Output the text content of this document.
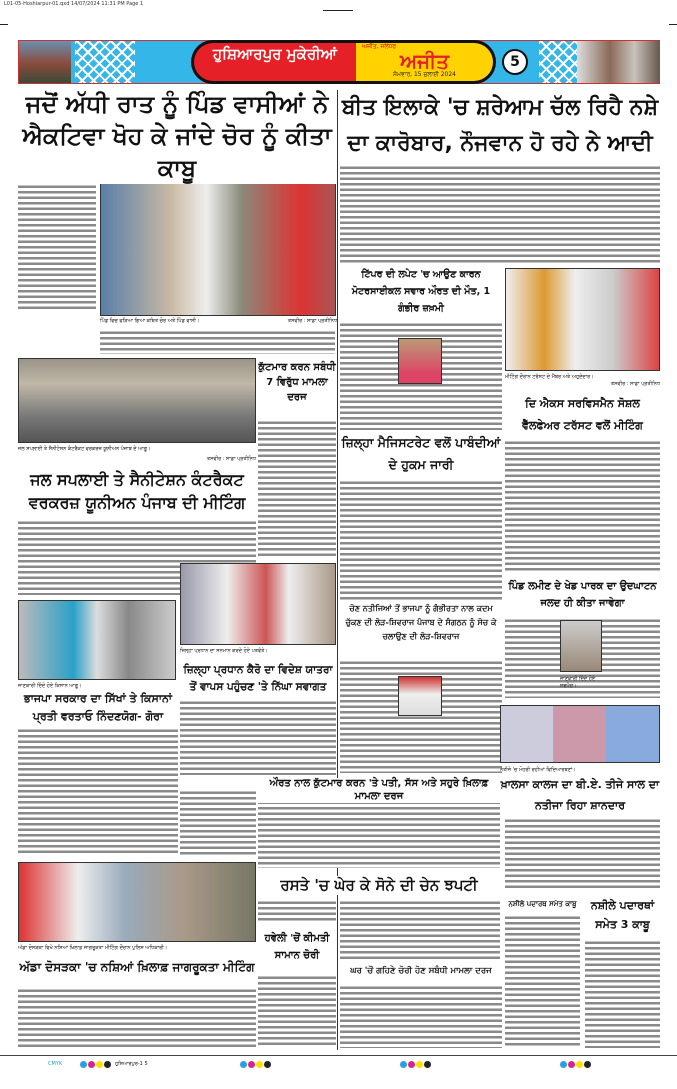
L01-05-Hoshiarpur-01.qxd 14/07/2024 11:31 PM Page 1
ਹੁਸ਼ਿਆਰਪੁਰ ਮੁਕੇਰੀਆਂ	ਅਜੀਤ, ਜਲੰਧਰ
ਅਜੀਤ
ਸੋਮਵਾਰ, 15 ਜੁਲਾਈ 2024
5
ਜਦੋਂ ਅੱਧੀ ਰਾਤ ਨੂੰ ਪਿੰਡ ਵਾਸੀਆਂ ਨੇ ਐਕਟਿਵਾ ਖੋਹ ਕੇ ਜਾਂਦੇ ਚੋਰ ਨੂੰ ਕੀਤਾ ਕਾਬੂ
ਪਿੰਡ ਵਿਚ ਫੜਿਆ ਗਿਆ ਕਥਿਤ ਚੋਰ ਅਤੇ ਪਿੰਡ ਵਾਸੀ।	ਤਸਵੀਰ : ਸਾਡਾ ਪ੍ਰਤੀਨਿਧ
ਜਲ ਸਪਲਾਈ ਤੇ ਸੈਨੀਟੇਸ਼ਨ ਕੰਟਰੈਕਟ ਵਰਕਰਜ਼ ਯੂਨੀਅਨ ਪੰਜਾਬ ਦੇ ਆਗੂ।
ਤਸਵੀਰ : ਸਾਡਾ ਪ੍ਰਤੀਨਿਧ
ਜਲ ਸਪਲਾਈ ਤੇ ਸੈਨੀਟੇਸ਼ਨ ਕੰਟਰੈਕਟ ਵਰਕਰਜ਼ ਯੂਨੀਅਨ ਪੰਜਾਬ ਦੀ ਮੀਟਿੰਗ
ਕੁੱਟਮਾਰ ਕਰਨ ਸਬੰਧੀ 7 ਵਿਰੁੱਧ ਮਾਮਲਾ ਦਰਜ
ਜਾਣਕਾਰੀ ਦਿੰਦੇ ਹੋਏ ਕਿਸਾਨ ਆਗੂ।
ਭਾਜਪਾ ਸਰਕਾਰ ਦਾ ਸਿੱਖਾਂ ਤੇ ਕਿਸਾਨਾਂ ਪ੍ਰਤੀ ਵਰਤਾਓ ਨਿੰਦਣਯੋਗ- ਗੋਰਾ
ਜ਼ਿਲ੍ਹਾ ਪ੍ਰਧਾਨ ਦਾ ਸਨਮਾਨ ਕਰਦੇ ਹੋਏ ਪਤਵੰਤੇ।
ਜ਼ਿਲ੍ਹਾ ਪ੍ਰਧਾਨ ਕੈਰੋ ਦਾ ਵਿਦੇਸ਼ ਯਾਤਰਾ ਤੋਂ ਵਾਪਸ ਪਹੁੰਚਣ 'ਤੇ ਨਿੱਘਾ ਸਵਾਗਤ
ਔਰਤ ਨਾਲ ਕੁੱਟਮਾਰ ਕਰਨ 'ਤੇ ਪਤੀ, ਸੱਸ ਅਤੇ ਸਹੁਰੇ ਖ਼ਿਲਾਫ਼ ਮਾਮਲਾ ਦਰਜ
ਰਸਤੇ 'ਚ ਘੇਰ ਕੇ ਸੋਨੇ ਦੀ ਚੇਨ ਝਪਟੀ
ਹਵੇਲੀ 'ਚੋਂ ਕੀਮਤੀ ਸਾਮਾਨ ਚੋਰੀ
ਅੱਡਾ ਦੋਸੜਕਾ ਵਿਖੇ ਨਸ਼ਿਆਂ ਖ਼ਿਲਾਫ਼ ਜਾਗਰੂਕਤਾ ਮੀਟਿੰਗ ਦੌਰਾਨ ਪੁਲਿਸ ਅਧਿਕਾਰੀ।
ਅੱਡਾ ਦੋਸੜਕਾ 'ਚ ਨਸ਼ਿਆਂ ਖ਼ਿਲਾਫ਼ ਜਾਗਰੂਕਤਾ ਮੀਟਿੰਗ
ਬੀਤ ਇਲਾਕੇ 'ਚ ਸ਼ਰੇਆਮ ਚੱਲ ਰਿਹੈ ਨਸ਼ੇ ਦਾ ਕਾਰੋਬਾਰ, ਨੌਜਵਾਨ ਹੋ ਰਹੇ ਨੇ ਆਦੀ
ਟਿੱਪਰ ਦੀ ਲਪੇਟ 'ਚ ਆਉਣ ਕਾਰਨ ਮੋਟਰਸਾਈਕਲ ਸਵਾਰ ਔਰਤ ਦੀ ਮੌਤ, 1 ਗੰਭੀਰ ਜ਼ਖ਼ਮੀ
ਮੀਟਿੰਗ ਦੌਰਾਨ ਟਰੱਸਟ ਦੇ ਮੈਂਬਰ ਅਤੇ ਅਹੁਦੇਦਾਰ।
ਤਸਵੀਰ : ਸਾਡਾ ਪ੍ਰਤੀਨਿਧ
ਦਿ ਐਕਸ ਸਰਵਿਸਮੈਨ ਸੋਸ਼ਲ ਵੈੱਲਫੇਅਰ ਟਰੱਸਟ ਵਲੋਂ ਮੀਟਿੰਗ
ਜ਼ਿਲ੍ਹਾ ਮੈਜਿਸਟਰੇਟ ਵਲੋਂ ਪਾਬੰਦੀਆਂ ਦੇ ਹੁਕਮ ਜਾਰੀ
ਚੋਣ ਨਤੀਜਿਆਂ ਤੋਂ ਭਾਜਪਾ ਨੂੰ ਗੰਭੀਰਤਾ ਨਾਲ ਕਦਮ ਚੁੱਕਣ ਦੀ ਲੋੜ-ਸ਼ਿਵਰਾਜ ਪੰਜਾਬ ਦੇ ਸੰਗਠਨ ਨੂੰ ਸੋਚ ਕੇ ਚਲਾਉਣ ਦੀ ਲੋੜ-ਸ਼ਿਵਰਾਜ
ਪਿੰਡ ਲਮੀਣ ਦੇ ਖੇਡ ਪਾਰਕ ਦਾ ਉਦਘਾਟਨ ਜਲਦ ਹੀ ਕੀਤਾ ਜਾਵੇਗਾ
ਜਾਣਕਾਰੀ ਦਿੰਦੇ ਹੋਏ ਸਰਪੰਚ।
ਨਤੀਜੇ 'ਚ ਮੋਹਰੀ ਰਹੀਆਂ ਵਿਦਿਆਰਥਣਾਂ।
ਖ਼ਾਲਸਾ ਕਾਲਜ ਦਾ ਬੀ.ਏ. ਤੀਜੇ ਸਾਲ ਦਾ ਨਤੀਜਾ ਰਿਹਾ ਸ਼ਾਨਦਾਰ
ਨਸ਼ੀਲੇ ਪਦਾਰਥ ਸਮੇਤ ਕਾਬੂ	ਨਸ਼ੀਲੇ ਪਦਾਰਥਾਂ ਸਮੇਤ 3 ਕਾਬੂ
ਘਰ 'ਚੋਂ ਗਹਿਣੇ ਚੋਰੀ ਹੋਣ ਸਬੰਧੀ ਮਾਮਲਾ ਦਰਜ
CMYK	ਹੁਸ਼ਿਆਰਪੁਰ-1 5
